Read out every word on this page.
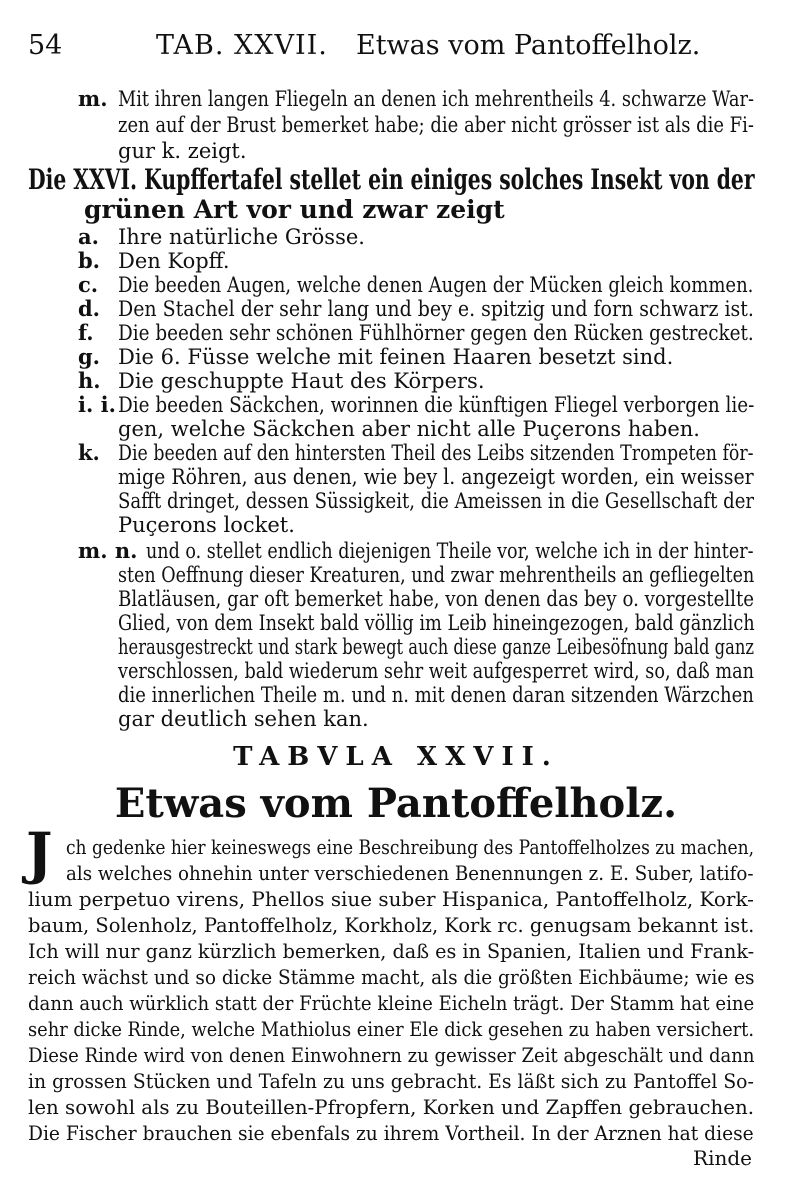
54	TAB. XXVII. Etwas vom Pantoffelholz.
m. Mit ihren langen Fliegeln an denen ich mehrentheils 4. schwarze War-
zen auf der Brust bemerket habe; die aber nicht grösser ist als die Fi-
gur k. zeigt.
Die XXVI. Kupffertafel stellet ein einiges solches Insekt von der
grünen Art vor und zwar zeigt
a. Ihre natürliche Grösse.
b. Den Kopff.
c. Die beeden Augen, welche denen Augen der Mücken gleich kommen.
d. Den Stachel der sehr lang und bey e. spitzig und forn schwarz ist.
f. Die beeden sehr schönen Fühlhörner gegen den Rücken gestrecket.
g. Die 6. Füsse welche mit feinen Haaren besetzt sind.
h. Die geschuppte Haut des Körpers.
i. i. Die beeden Säckchen, worinnen die künftigen Fliegel verborgen lie-
gen, welche Säckchen aber nicht alle Puçerons haben.
k. Die beeden auf den hintersten Theil des Leibs sitzenden Trompeten för-
mige Röhren, aus denen, wie bey l. angezeigt worden, ein weisser
Safft dringet, dessen Süssigkeit, die Ameissen in die Gesellschaft der
Puçerons locket.
m. n. und o. stellet endlich diejenigen Theile vor, welche ich in der hinter-
sten Oeffnung dieser Kreaturen, und zwar mehrentheils an gefliegelten
Blatläusen, gar oft bemerket habe, von denen das bey o. vorgestellte
Glied, von dem Insekt bald völlig im Leib hineingezogen, bald gänzlich
herausgestreckt und stark bewegt auch diese ganze Leibesöfnung bald ganz
verschlossen, bald wiederum sehr weit aufgesperret wird, so, daß man
die innerlichen Theile m. und n. mit denen daran sitzenden Wärzchen
gar deutlich sehen kan.
TABVLA XXVII.
Etwas vom Pantoffelholz.
J ch gedenke hier keineswegs eine Beschreibung des Pantoffelholzes zu machen,
als welches ohnehin unter verschiedenen Benennungen z. E. Suber, latifo-
lium perpetuo virens, Phellos siue suber Hispanica, Pantoffelholz, Kork-
baum, Solenholz, Pantoffelholz, Korkholz, Kork rc. genugsam bekannt ist.
Ich will nur ganz kürzlich bemerken, daß es in Spanien, Italien und Frank-
reich wächst und so dicke Stämme macht, als die größten Eichbäume; wie es
dann auch würklich statt der Früchte kleine Eicheln trägt. Der Stamm hat eine
sehr dicke Rinde, welche Mathiolus einer Ele dick gesehen zu haben versichert.
Diese Rinde wird von denen Einwohnern zu gewisser Zeit abgeschält und dann
in grossen Stücken und Tafeln zu uns gebracht. Es läßt sich zu Pantoffel So-
len sowohl als zu Bouteillen-Pfropfern, Korken und Zapffen gebrauchen.
Die Fischer brauchen sie ebenfals zu ihrem Vortheil. In der Arznen hat diese
Rinde
